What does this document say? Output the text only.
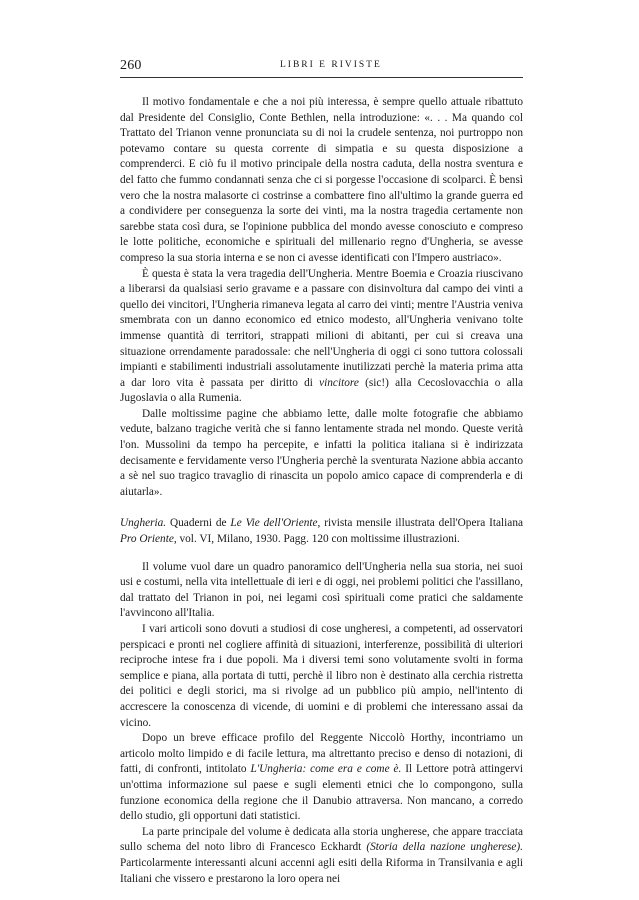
260	LIBRI E RIVISTE

Il motivo fondamentale e che a noi più interessa, è sempre quello attuale ribattuto dal Presidente del Consiglio, Conte Bethlen, nella introduzione: «. . . Ma quando col Trattato del Trianon venne pronunciata su di noi la crudele sentenza, noi purtroppo non potevamo contare su questa corrente di simpatia e su questa disposizione a comprenderci. E ciò fu il motivo principale della nostra caduta, della nostra sventura e del fatto che fummo condannati senza che ci si porgesse l'occasione di scolparci. È bensì vero che la nostra malasorte ci costrinse a combattere fino all'ultimo la grande guerra ed a condividere per conseguenza la sorte dei vinti, ma la nostra tragedia certamente non sarebbe stata così dura, se l'opinione pubblica del mondo avesse conosciuto e compreso le lotte politiche, economiche e spirituali del millenario regno d'Ungheria, se avesse compreso la sua storia interna e se non ci avesse identificati con l'Impero austriaco».

È questa è stata la vera tragedia dell'Ungheria. Mentre Boemia e Croazia riuscivano a liberarsi da qualsiasi serio gravame e a passare con disinvoltura dal campo dei vinti a quello dei vincitori, l'Ungheria rimaneva legata al carro dei vinti; mentre l'Austria veniva smembrata con un danno economico ed etnico modesto, all'Ungheria venivano tolte immense quantità di territori, strappati milioni di abitanti, per cui si creava una situazione orrendamente paradossale: che nell'Ungheria di oggi ci sono tuttora colossali impianti e stabilimenti industriali assolutamente inutilizzati perchè la materia prima atta a dar loro vita è passata per diritto di vincitore (sic!) alla Cecoslovacchia o alla Jugoslavia o alla Rumenia.

Dalle moltissime pagine che abbiamo lette, dalle molte fotografie che abbiamo vedute, balzano tragiche verità che si fanno lentamente strada nel mondo. Queste verità l'on. Mussolini da tempo ha percepite, e infatti la politica italiana si è indirizzata decisamente e fervidamente verso l'Ungheria perchè la sventurata Nazione abbia accanto a sè nel suo tragico travaglio di rinascita un popolo amico capace di comprenderla e di aiutarla».

Ungheria. Quaderni de Le Vie dell'Oriente, rivista mensile illustrata dell'Opera Italiana Pro Oriente, vol. VI, Milano, 1930. Pagg. 120 con moltissime illustrazioni.

Il volume vuol dare un quadro panoramico dell'Ungheria nella sua storia, nei suoi usi e costumi, nella vita intellettuale di ieri e di oggi, nei problemi politici che l'assillano, dal trattato del Trianon in poi, nei legami così spirituali come pratici che saldamente l'avvincono all'Italia.

I vari articoli sono dovuti a studiosi di cose ungheresi, a competenti, ad osservatori perspicaci e pronti nel cogliere affinità di situazioni, interferenze, possibilità di ulteriori reciproche intese fra i due popoli. Ma i diversi temi sono volutamente svolti in forma semplice e piana, alla portata di tutti, perchè il libro non è destinato alla cerchia ristretta dei politici e degli storici, ma si rivolge ad un pubblico più ampio, nell'intento di accrescere la conoscenza di vicende, di uomini e di problemi che interessano assai da vicino.

Dopo un breve efficace profilo del Reggente Niccolò Horthy, incontriamo un articolo molto limpido e di facile lettura, ma altrettanto preciso e denso di notazioni, di fatti, di confronti, intitolato L'Ungheria: come era e come è. Il Lettore potrà attingervi un'ottima informazione sul paese e sugli elementi etnici che lo compongono, sulla funzione economica della regione che il Danubio attraversa. Non mancano, a corredo dello studio, gli opportuni dati statistici.

La parte principale del volume è dedicata alla storia ungherese, che appare tracciata sullo schema del noto libro di Francesco Eckhardt (Storia della nazione ungherese). Particolarmente interessanti alcuni accenni agli esiti della Riforma in Transilvania e agli Italiani che vissero e prestarono la loro opera nei
